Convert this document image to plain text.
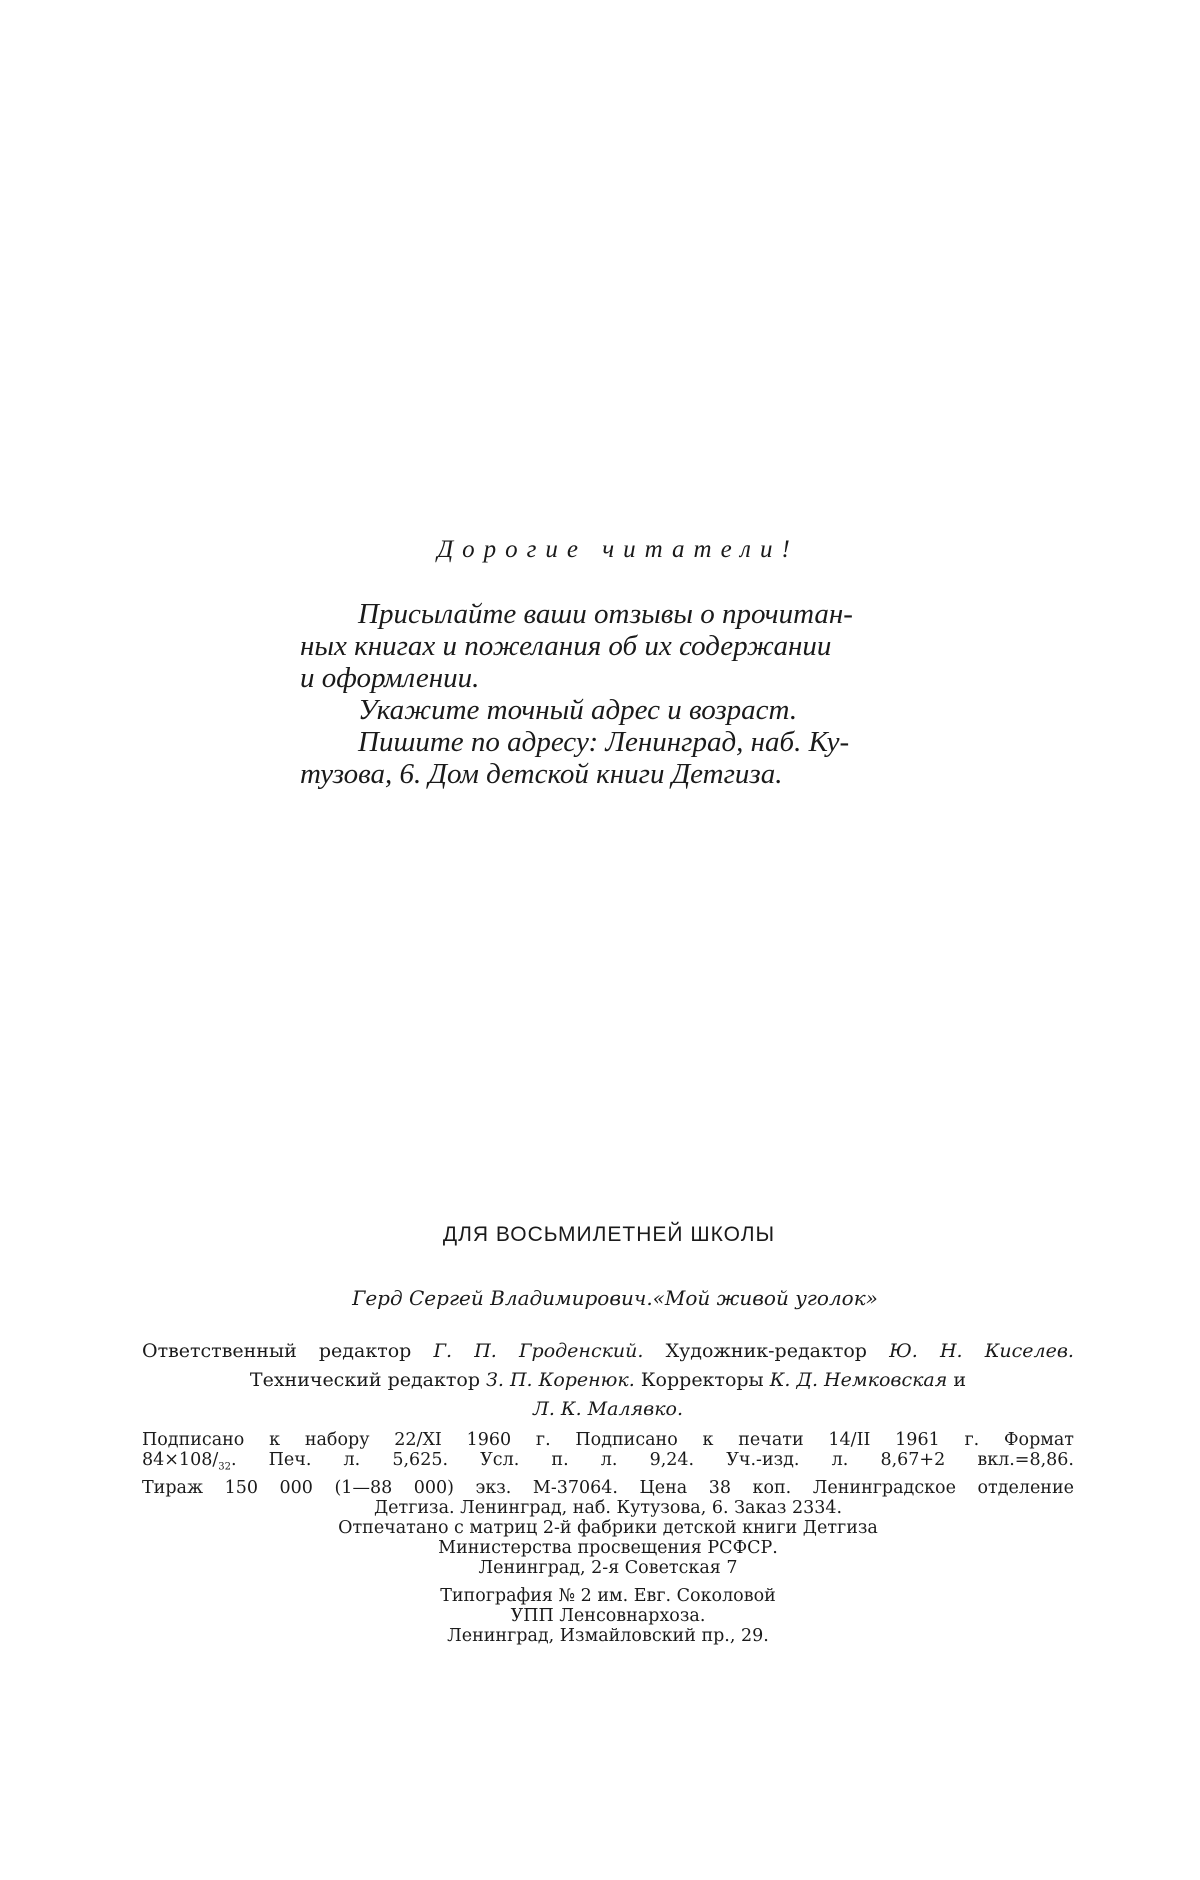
Дорогие читатели!

Присылайте ваши отзывы о прочитан-

ных книгах и пожелания об их содержании

и оформлении.

Укажите точный адрес и возраст.

Пишите по адресу: Ленинград, наб. Ку-

тузова, 6. Дом детской книги Детгиза.

ДЛЯ ВОСЬМИЛЕТНЕЙ ШКОЛЫ

Герд Сергей Владимирович.«Мой живой уголок»

Ответственный редактор Г. П. Гроденский. Художник-редактор Ю. Н. Киселев.

Технический редактор З. П. Коренюк. Корректоры К. Д. Немковская и

Л. К. Малявко.

Подписано к набору 22/XI 1960 г. Подписано к печати 14/II 1961 г. Формат

$84\times 108/_{32}$. Печ. л. 5,625. Усл. п. л. 9,24. Уч.-изд. л. 8,67+2 вкл.=8,86.

Тираж 150 000 (1—88 000) экз. М-37064. Цена 38 коп. Ленинградское отделение

Детгиза. Ленинград, наб. Кутузова, 6. Заказ 2334.

Отпечатано с матриц 2-й фабрики детской книги Детгиза

Министерства просвещения РСФСР.

Ленинград, 2-я Советская 7

Типография № 2 им. Евг. Соколовой

УПП Ленсовнархоза.

Ленинград, Измайловский пр., 29.
